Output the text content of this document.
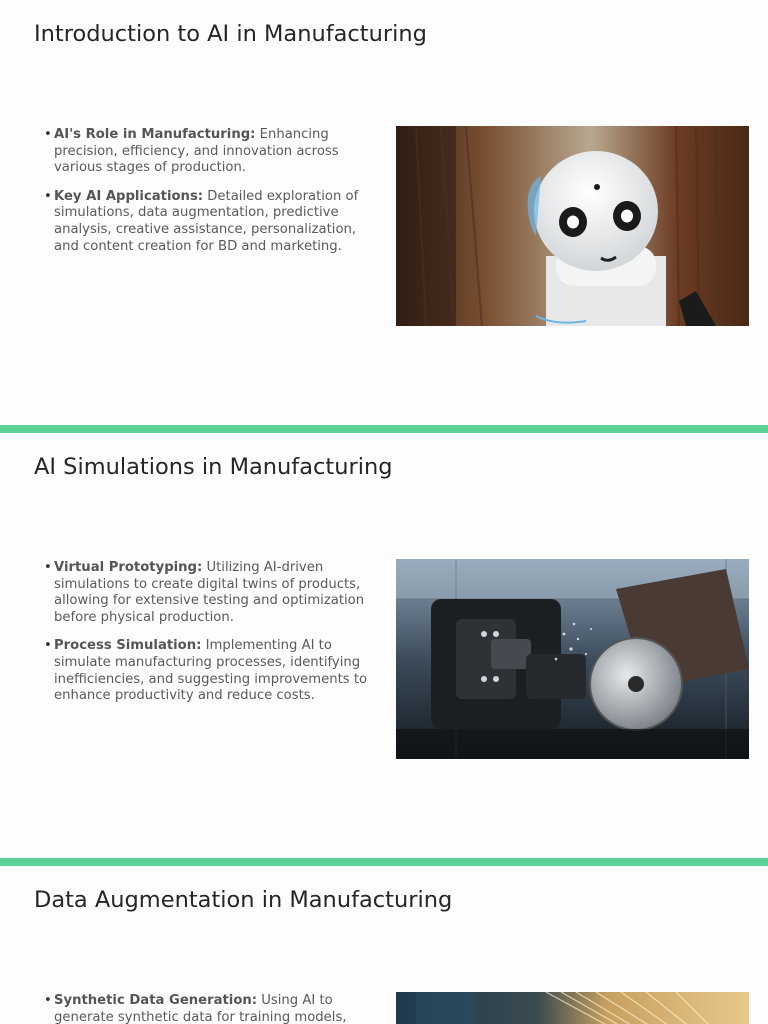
Introduction to AI in Manufacturing
• AI's Role in Manufacturing: Enhancing precision, efficiency, and innovation across various stages of production.
• Key AI Applications: Detailed exploration of simulations, data augmentation, predictive analysis, creative assistance, personalization, and content creation for BD and marketing.
AI Simulations in Manufacturing
• Virtual Prototyping: Utilizing AI-driven simulations to create digital twins of products, allowing for extensive testing and optimization before physical production.
• Process Simulation: Implementing AI to simulate manufacturing processes, identifying inefficiencies, and suggesting improvements to enhance productivity and reduce costs.
Data Augmentation in Manufacturing
• Synthetic Data Generation: Using AI to generate synthetic data for training models,
